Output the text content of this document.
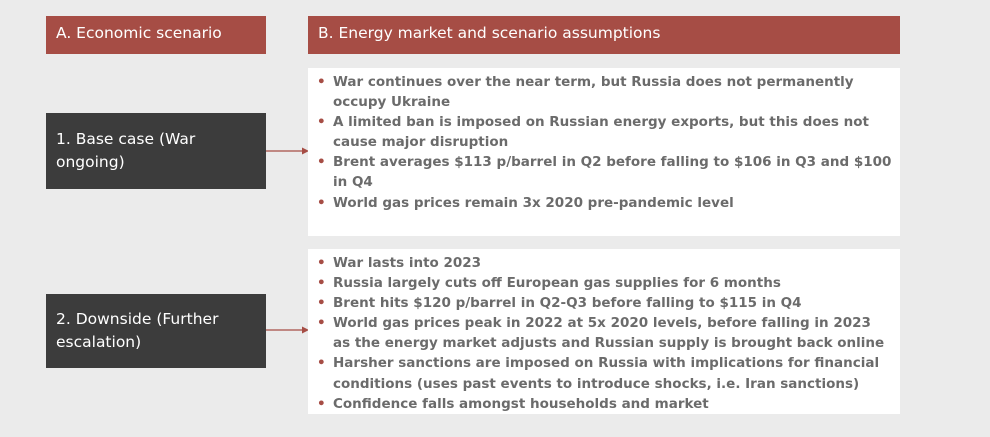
A. Economic scenario	B. Energy market and scenario assumptions
1. Base case (War ongoing)
2. Downside (Further escalation)
• War continues over the near term, but Russia does not permanently occupy Ukraine
• A limited ban is imposed on Russian energy exports, but this does not cause major disruption
• Brent averages $113 p/barrel in Q2 before falling to $106 in Q3 and $100 in Q4
• World gas prices remain 3x 2020 pre-pandemic level
• War lasts into 2023
• Russia largely cuts off European gas supplies for 6 months
• Brent hits $120 p/barrel in Q2-Q3 before falling to $115 in Q4
• World gas prices peak in 2022 at 5x 2020 levels, before falling in 2023 as the energy market adjusts and Russian supply is brought back online
• Harsher sanctions are imposed on Russia with implications for financial conditions (uses past events to introduce shocks, i.e. Iran sanctions)
• Confidence falls amongst households and market
